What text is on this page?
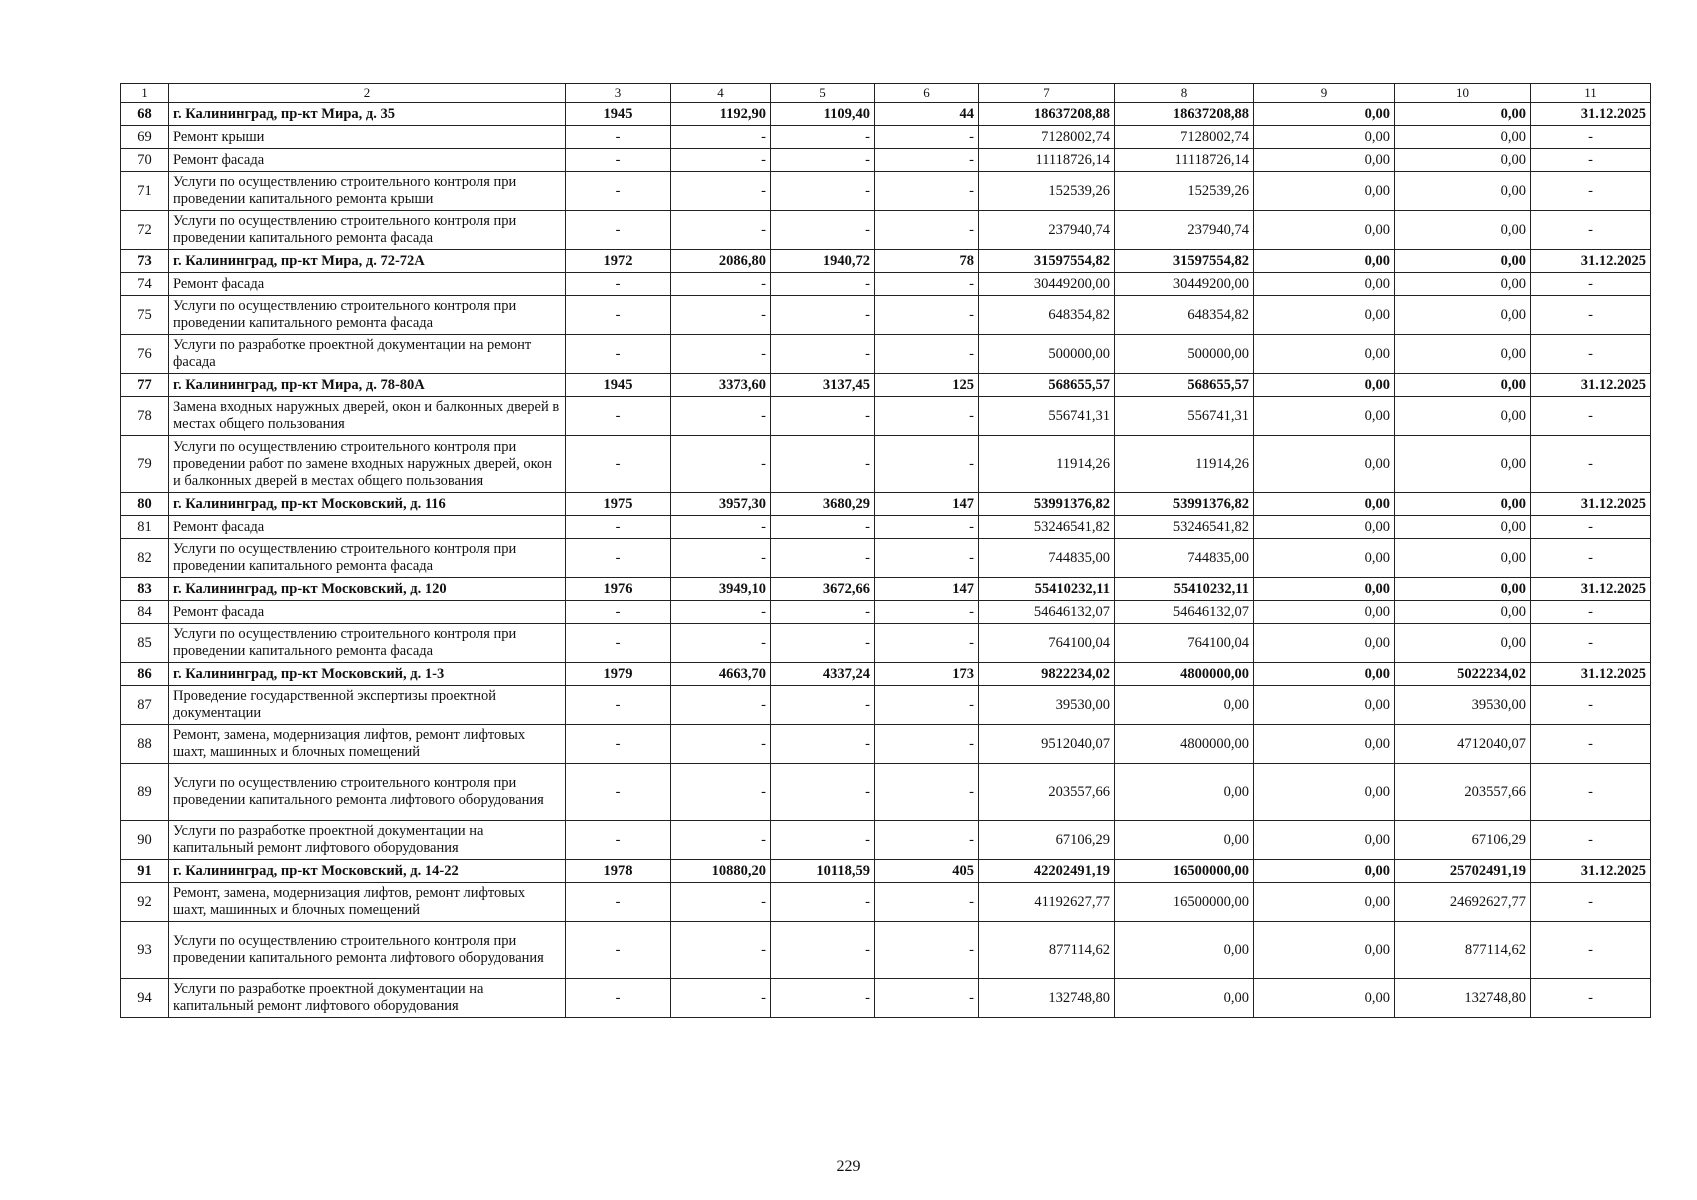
1	2	3	4	5	6	7	8	9	10	11
68	г. Калининград, пр-кт Мира, д. 35	1945	1192,90	1109,40	44	18637208,88	18637208,88	0,00	0,00	31.12.2025
69	Ремонт крыши	-	-	-	-	7128002,74	7128002,74	0,00	0,00	-
70	Ремонт фасада	-	-	-	-	11118726,14	11118726,14	0,00	0,00	-
71	Услуги по осуществлению строительного контроля при проведении капитального ремонта крыши	-	-	-	-	152539,26	152539,26	0,00	0,00	-
72	Услуги по осуществлению строительного контроля при проведении капитального ремонта фасада	-	-	-	-	237940,74	237940,74	0,00	0,00	-
73	г. Калининград, пр-кт Мира, д. 72-72А	1972	2086,80	1940,72	78	31597554,82	31597554,82	0,00	0,00	31.12.2025
74	Ремонт фасада	-	-	-	-	30449200,00	30449200,00	0,00	0,00	-
75	Услуги по осуществлению строительного контроля при проведении капитального ремонта фасада	-	-	-	-	648354,82	648354,82	0,00	0,00	-
76	Услуги по разработке проектной документации на ремонт фасада	-	-	-	-	500000,00	500000,00	0,00	0,00	-
77	г. Калининград, пр-кт Мира, д. 78-80А	1945	3373,60	3137,45	125	568655,57	568655,57	0,00	0,00	31.12.2025
78	Замена входных наружных дверей, окон и балконных дверей в местах общего пользования	-	-	-	-	556741,31	556741,31	0,00	0,00	-
79	Услуги по осуществлению строительного контроля при проведении работ по замене входных наружных дверей, окон и балконных дверей в местах общего пользования	-	-	-	-	11914,26	11914,26	0,00	0,00	-
80	г. Калининград, пр-кт Московский, д. 116	1975	3957,30	3680,29	147	53991376,82	53991376,82	0,00	0,00	31.12.2025
81	Ремонт фасада	-	-	-	-	53246541,82	53246541,82	0,00	0,00	-
82	Услуги по осуществлению строительного контроля при проведении капитального ремонта фасада	-	-	-	-	744835,00	744835,00	0,00	0,00	-
83	г. Калининград, пр-кт Московский, д. 120	1976	3949,10	3672,66	147	55410232,11	55410232,11	0,00	0,00	31.12.2025
84	Ремонт фасада	-	-	-	-	54646132,07	54646132,07	0,00	0,00	-
85	Услуги по осуществлению строительного контроля при проведении капитального ремонта фасада	-	-	-	-	764100,04	764100,04	0,00	0,00	-
86	г. Калининград, пр-кт Московский, д. 1-3	1979	4663,70	4337,24	173	9822234,02	4800000,00	0,00	5022234,02	31.12.2025
87	Проведение государственной экспертизы проектной документации	-	-	-	-	39530,00	0,00	0,00	39530,00	-
88	Ремонт, замена, модернизация лифтов, ремонт лифтовых шахт, машинных и блочных помещений	-	-	-	-	9512040,07	4800000,00	0,00	4712040,07	-
89	Услуги по осуществлению строительного контроля при проведении капитального ремонта лифтового оборудования	-	-	-	-	203557,66	0,00	0,00	203557,66	-
90	Услуги по разработке проектной документации на капитальный ремонт лифтового оборудования	-	-	-	-	67106,29	0,00	0,00	67106,29	-
91	г. Калининград, пр-кт Московский, д. 14-22	1978	10880,20	10118,59	405	42202491,19	16500000,00	0,00	25702491,19	31.12.2025
92	Ремонт, замена, модернизация лифтов, ремонт лифтовых шахт, машинных и блочных помещений	-	-	-	-	41192627,77	16500000,00	0,00	24692627,77	-
93	Услуги по осуществлению строительного контроля при проведении капитального ремонта лифтового оборудования	-	-	-	-	877114,62	0,00	0,00	877114,62	-
94	Услуги по разработке проектной документации на капитальный ремонт лифтового оборудования	-	-	-	-	132748,80	0,00	0,00	132748,80	-
229
